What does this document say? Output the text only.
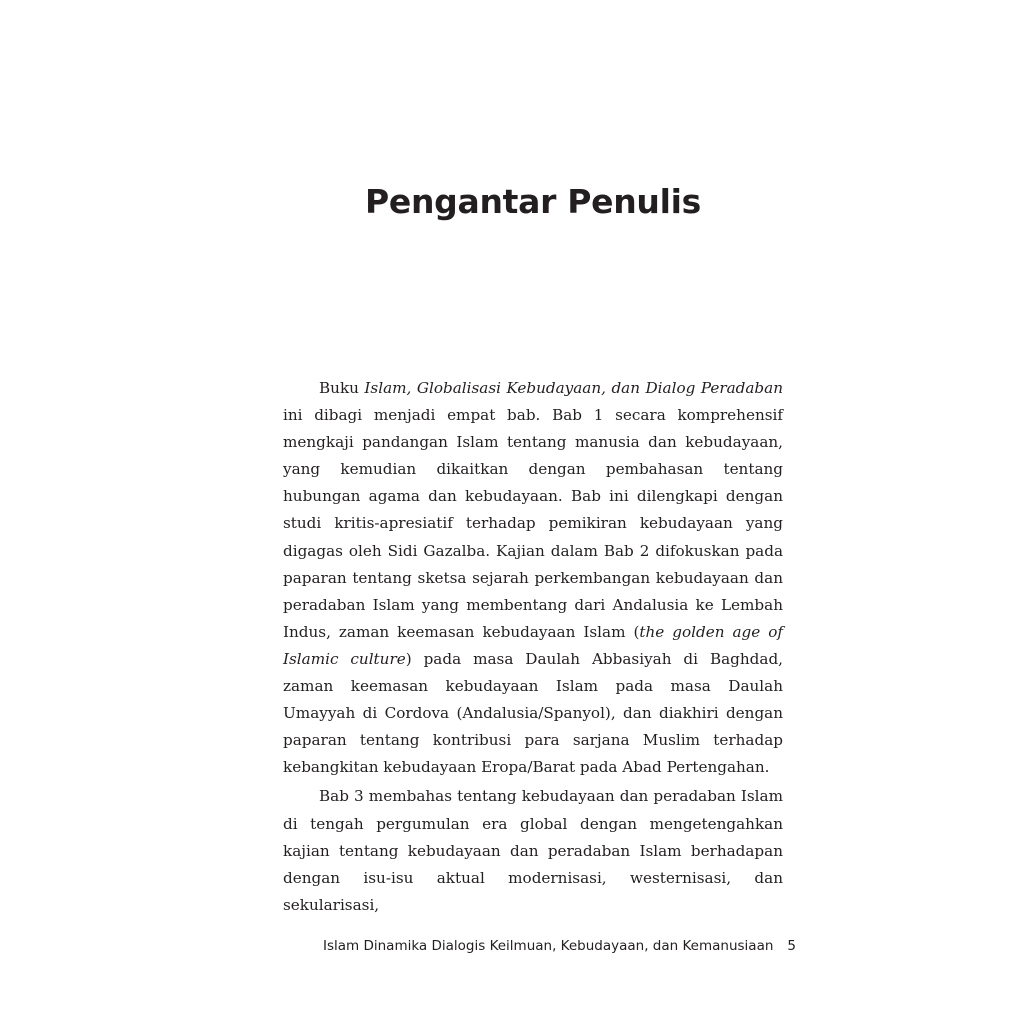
Pengantar Penulis

Buku Islam, Globalisasi Kebudayaan, dan Dialog Peradaban ini dibagi menjadi empat bab. Bab 1 secara komprehensif mengkaji pandangan Islam tentang manusia dan kebudayaan, yang kemudian dikaitkan dengan pembahasan tentang hubungan agama dan kebudayaan. Bab ini dilengkapi dengan studi kritis-apresiatif terhadap pemikiran kebudayaan yang digagas oleh Sidi Gazalba. Kajian dalam Bab 2 difokuskan pada paparan tentang sketsa sejarah perkembangan kebudayaan dan peradaban Islam yang membentang dari Andalusia ke Lembah Indus, zaman keemasan kebudayaan Islam (the golden age of Islamic culture) pada masa Daulah Abbasiyah di Baghdad, zaman keemasan kebudayaan Islam pada masa Daulah Umayyah di Cordova (Andalusia/Spanyol), dan diakhiri dengan paparan tentang kontribusi para sarjana Muslim terhadap kebangkitan kebudayaan Eropa/Barat pada Abad Pertengahan.

Bab 3 membahas tentang kebudayaan dan peradaban Islam di tengah pergumulan era global dengan mengetengahkan kajian tentang kebudayaan dan peradaban Islam berhadapan dengan isu-isu aktual modernisasi, westernisasi, dan sekularisasi,

Islam Dinamika Dialogis Keilmuan, Kebudayaan, dan Kemanusiaan 5
